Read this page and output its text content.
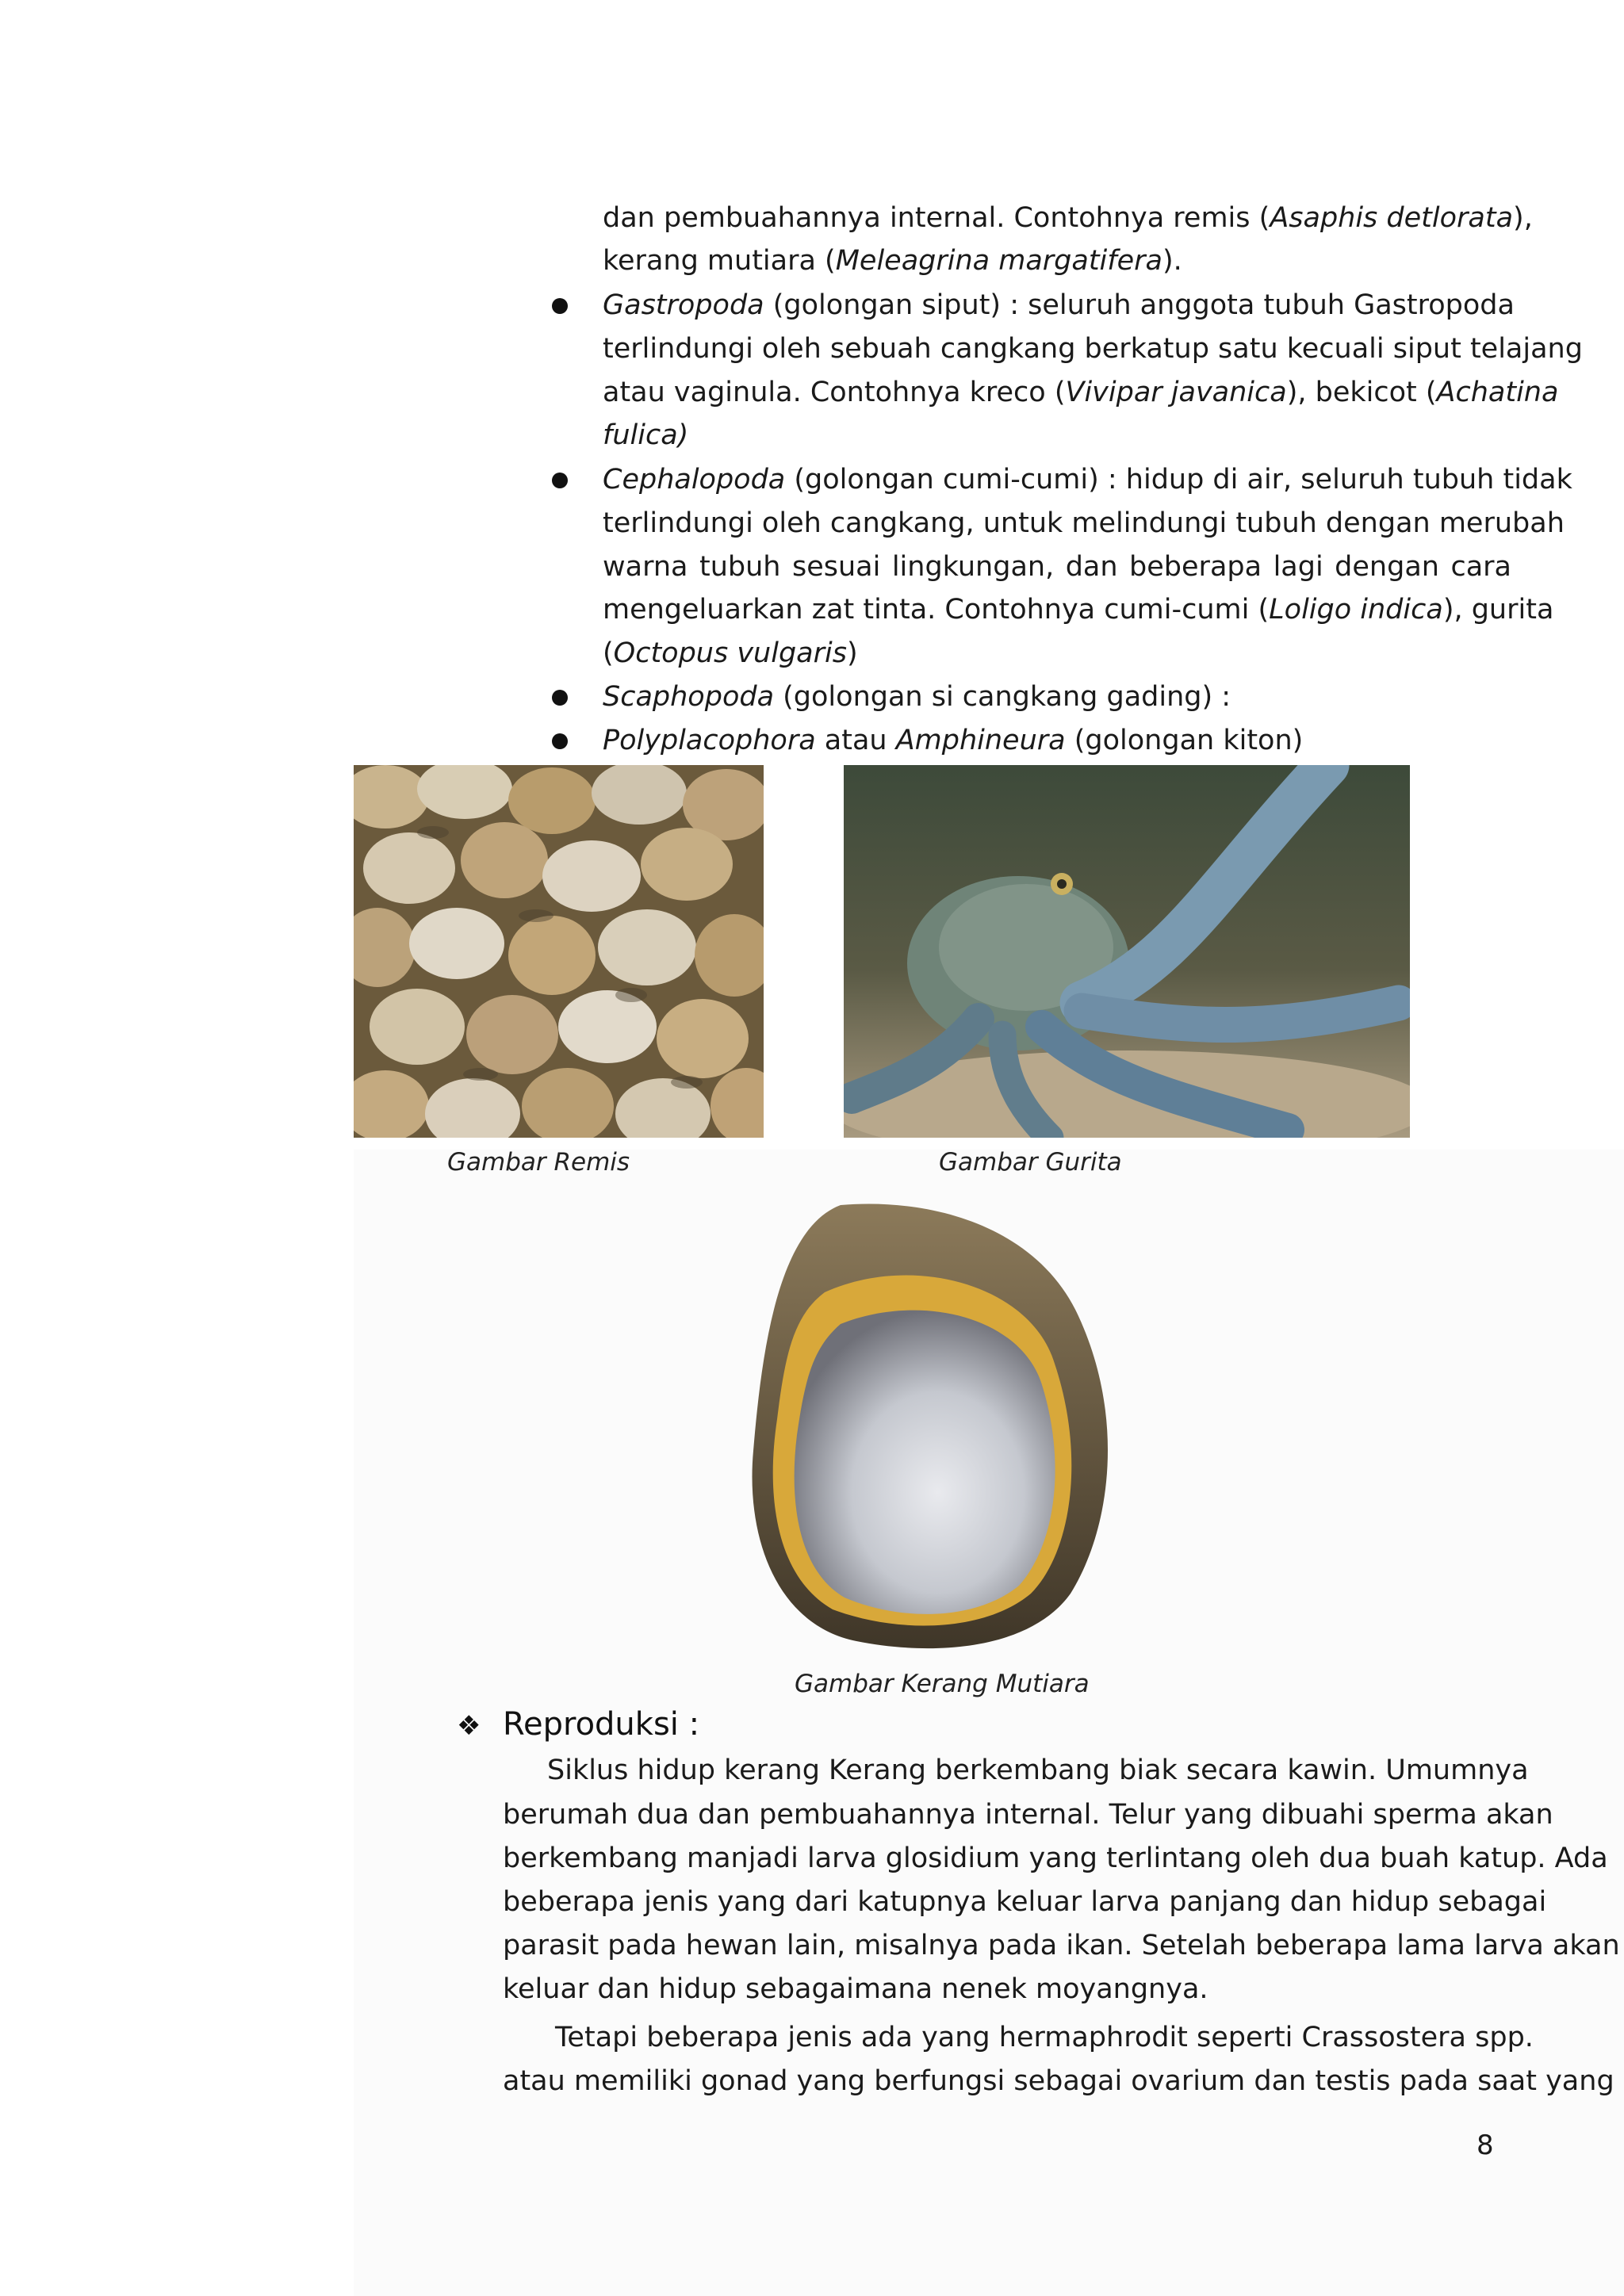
dan pembuahannya internal. Contohnya remis (Asaphis detlorata),
kerang mutiara (Meleagrina margatifera).
Gastropoda (golongan siput) : seluruh anggota tubuh Gastropoda
terlindungi oleh sebuah cangkang berkatup satu kecuali siput telajang
atau vaginula. Contohnya kreco (Vivipar javanica), bekicot (Achatina
fulica)
Cephalopoda (golongan cumi-cumi) : hidup di air, seluruh tubuh tidak
terlindungi oleh cangkang, untuk melindungi tubuh dengan merubah
warna tubuh sesuai lingkungan, dan beberapa lagi dengan cara
mengeluarkan zat tinta. Contohnya cumi-cumi (Loligo indica), gurita
(Octopus vulgaris)
Scaphopoda (golongan si cangkang gading) :
Polyplacophora atau Amphineura (golongan kiton)
Gambar Remis	Gambar Gurita
Gambar Kerang Mutiara
❖ Reproduksi :
Siklus hidup kerang Kerang berkembang biak secara kawin. Umumnya
berumah dua dan pembuahannya internal. Telur yang dibuahi sperma akan
berkembang manjadi larva glosidium yang terlintang oleh dua buah katup. Ada
beberapa jenis yang dari katupnya keluar larva panjang dan hidup sebagai
parasit pada hewan lain, misalnya pada ikan. Setelah beberapa lama larva akan
keluar dan hidup sebagaimana nenek moyangnya.
Tetapi beberapa jenis ada yang hermaphrodit seperti Crassostera spp.
atau memiliki gonad yang berfungsi sebagai ovarium dan testis pada saat yang
8
